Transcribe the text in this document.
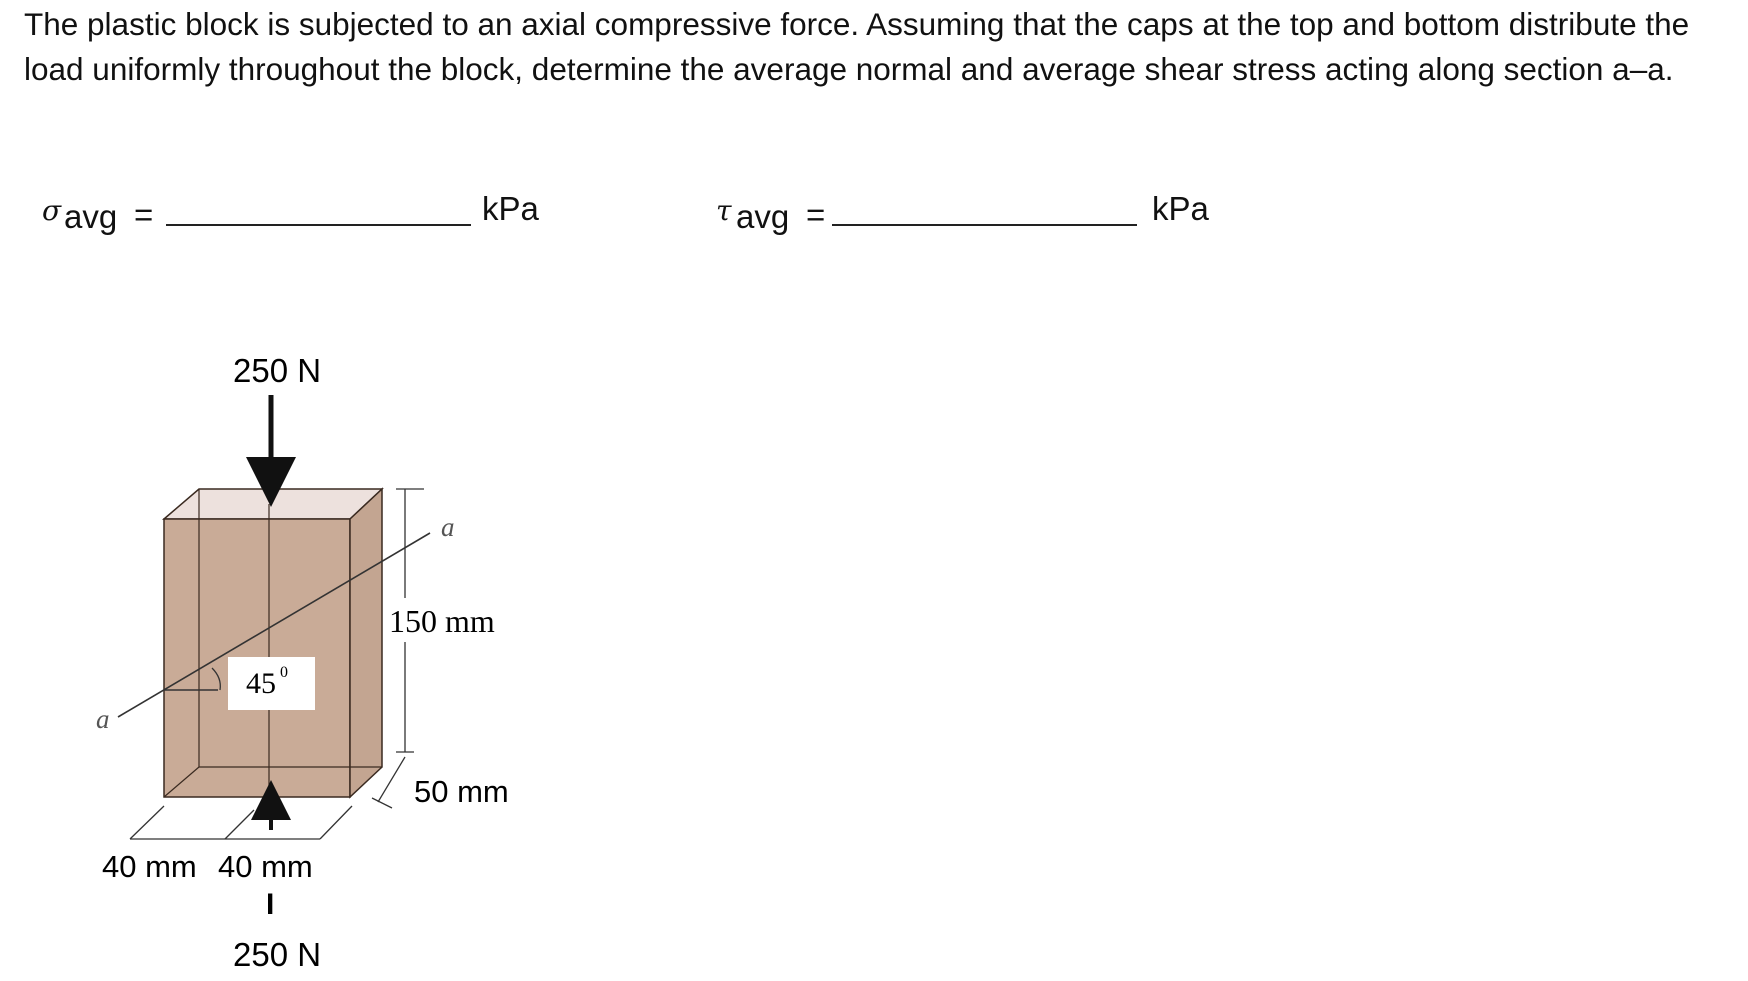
The plastic block is subjected to an axial compressive force. Assuming that the caps at the top and bottom distribute the load uniformly throughout the block, determine the average normal and average shear stress acting along section a–a.

σ avg =	kPa	τ avg =	kPa
45 0
a
a
250 N
250 N
I
150 mm
50 mm
40 mm 40 mm
